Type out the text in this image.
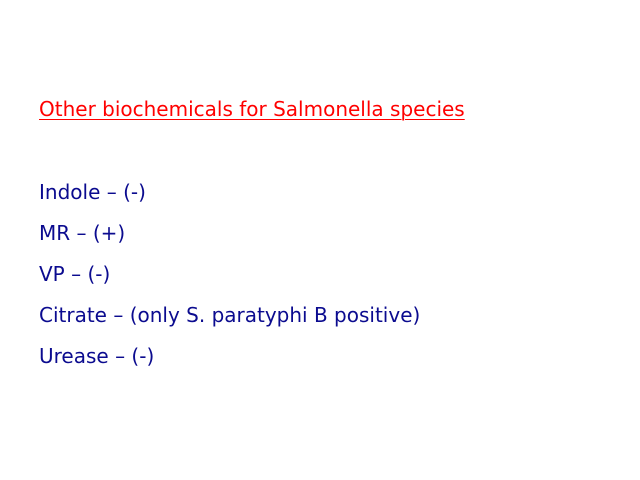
Other biochemicals for Salmonella species
Indole – (-)
MR – (+)
VP – (-)
Citrate – (only S. paratyphi B positive)
Urease – (-)
